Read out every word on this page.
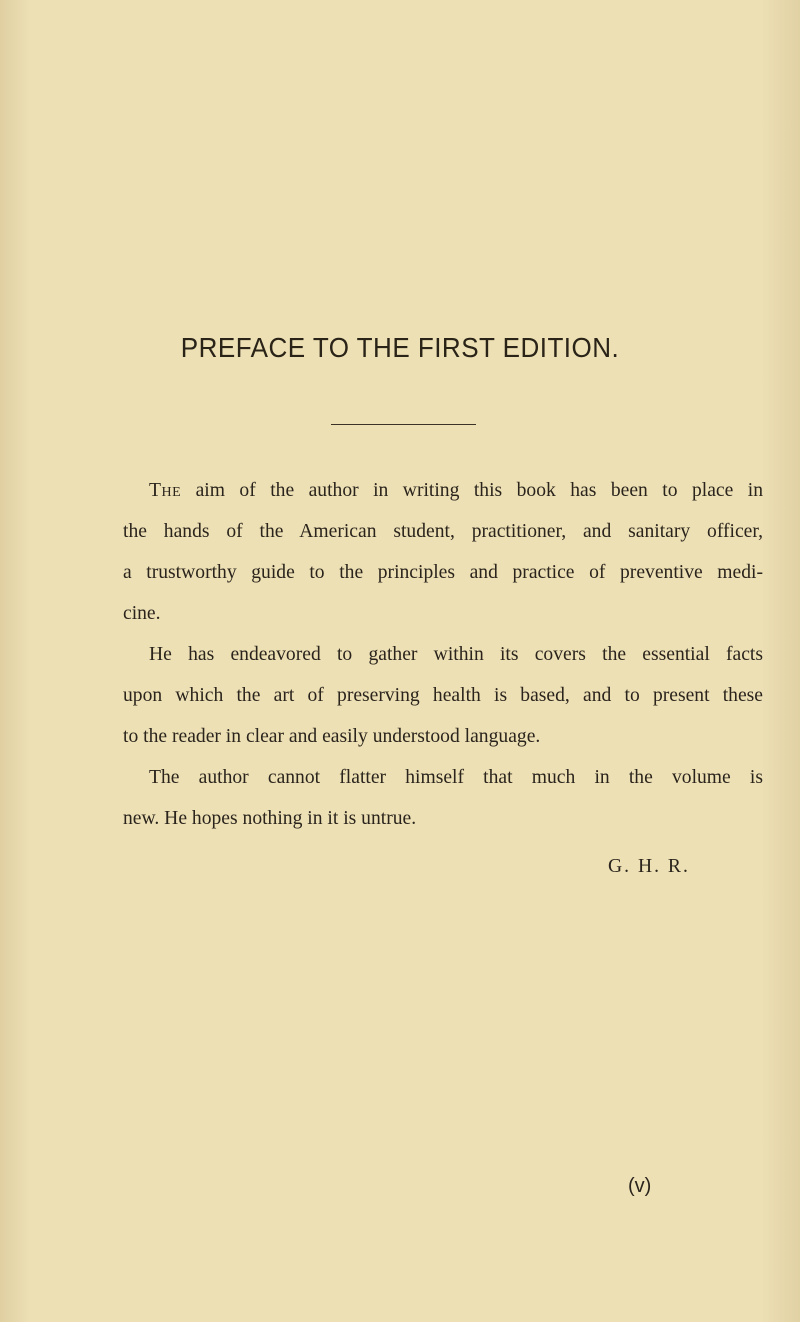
PREFACE TO THE FIRST EDITION.
The aim of the author in writing this book has been to place in
the hands of the American student, practitioner, and sanitary officer,
a trustworthy guide to the principles and practice of preventive medi-
cine.
He has endeavored to gather within its covers the essential facts
upon which the art of preserving health is based, and to present these
to the reader in clear and easily understood language.
The author cannot flatter himself that much in the volume is
new. He hopes nothing in it is untrue.
G. H. R.
(v)
